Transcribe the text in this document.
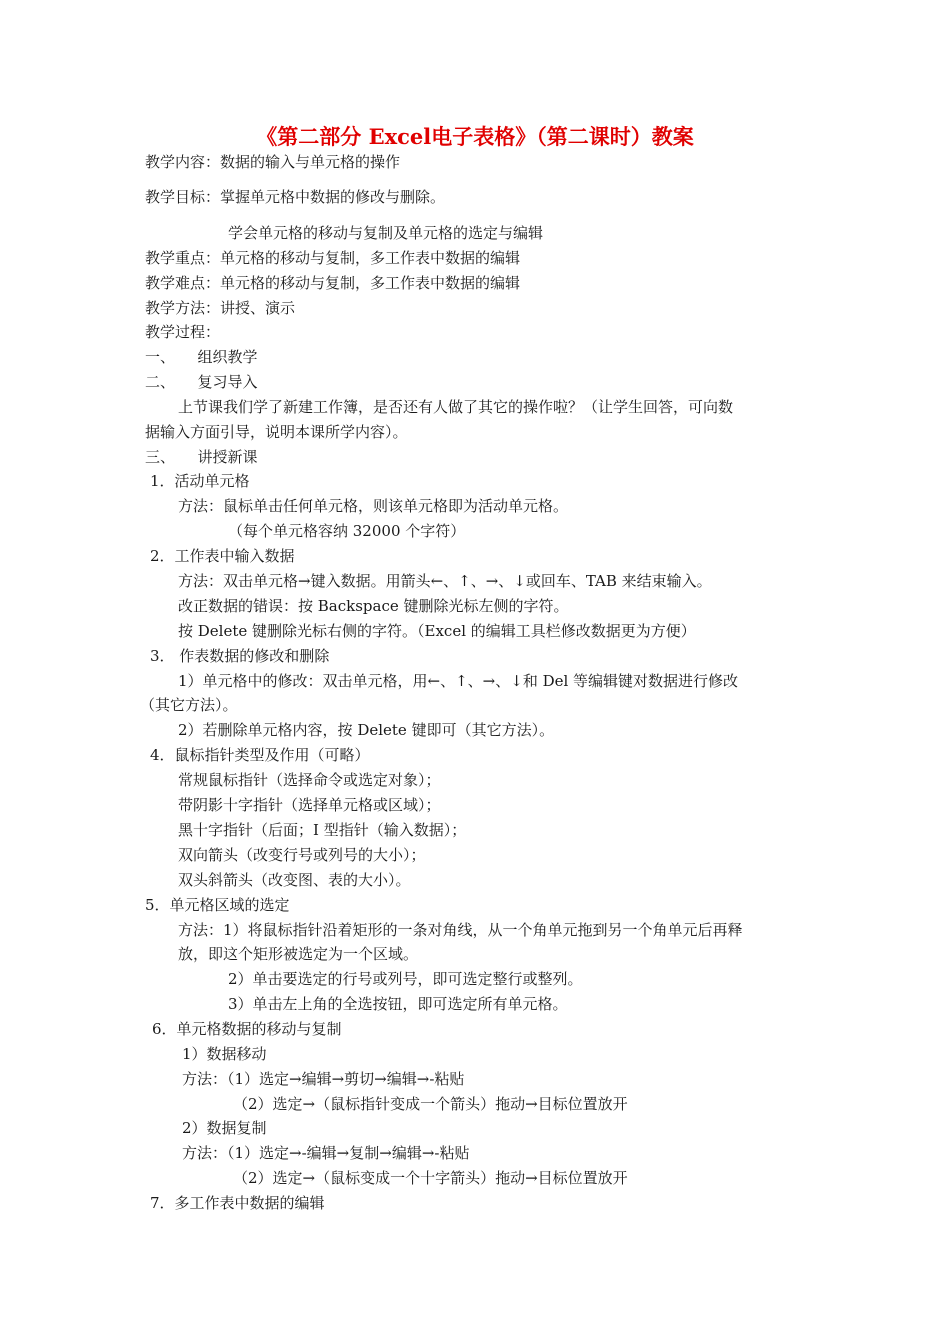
《第二部分 Excel电子表格》（第二课时）教案
教学内容：数据的输入与单元格的操作
教学目标：掌握单元格中数据的修改与删除。
学会单元格的移动与复制及单元格的选定与编辑
教学重点：单元格的移动与复制，多工作表中数据的编辑
教学难点：单元格的移动与复制，多工作表中数据的编辑
教学方法：讲授、演示
教学过程：
一、　　组织教学
二、　　复习导入
上节课我们学了新建工作簿，是否还有人做了其它的操作啦？（让学生回答，可向数
据输入方面引导，说明本课所学内容）。
三、　　讲授新课
1．活动单元格
方法：鼠标单击任何单元格，则该单元格即为活动单元格。
（每个单元格容纳 32000 个字符）
2．工作表中输入数据
方法：双击单元格→键入数据。用箭头←、↑、→、↓或回车、TAB 来结束输入。
改正数据的错误：按 Backspace 键删除光标左侧的字符。
按 Delete 键删除光标右侧的字符。（Excel 的编辑工具栏修改数据更为方便）
3． 作表数据的修改和删除
1）单元格中的修改：双击单元格，用←、↑、→、↓和 Del 等编辑键对数据进行修改
（其它方法）。
2）若删除单元格内容，按 Delete 键即可（其它方法）。
4．鼠标指针类型及作用（可略）
常规鼠标指针（选择命令或选定对象）；
带阴影十字指针（选择单元格或区域）；
黑十字指针（后面；I 型指针（输入数据）；
双向箭头（改变行号或列号的大小）；
双头斜箭头（改变图、表的大小）。
5．单元格区域的选定
方法：1）将鼠标指针沿着矩形的一条对角线，从一个角单元拖到另一个角单元后再释
放，即这个矩形被选定为一个区域。
2）单击要选定的行号或列号，即可选定整行或整列。
3）单击左上角的全选按钮，即可选定所有单元格。
6．单元格数据的移动与复制
1）数据移动
方法：（1）选定→编辑→剪切→编辑→-粘贴
（2）选定→（鼠标指针变成一个箭头）拖动→目标位置放开
2）数据复制
方法：（1）选定→-编辑→复制→编辑→-粘贴
（2）选定→（鼠标变成一个十字箭头）拖动→目标位置放开
7．多工作表中数据的编辑
